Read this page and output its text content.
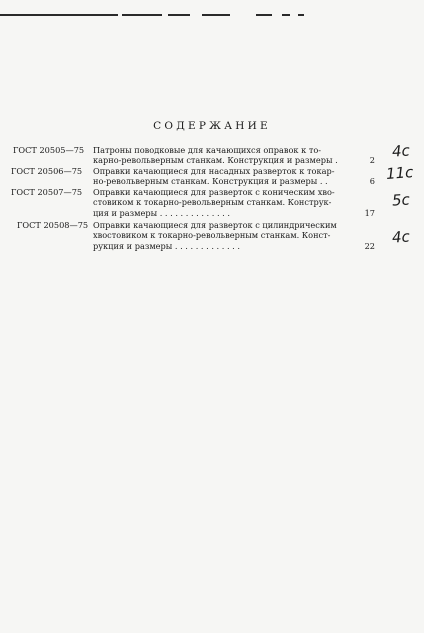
СОДЕРЖАНИЕ
ГОСТ 20505—75 Патроны поводковые для качающихся оправок к то-
карно-револьверным станкам. Конструкция и размеры .	2 4с
ГОСТ 20506—75 Оправки качающиеся для насадных разверток к токар-
но-револьверным станкам. Конструкция и размеры . .	6 11с
ГОСТ 20507—75 Оправки качающиеся для разверток с коническим хво-
стовиком к токарно-револьверным станкам. Конструк-
ция и размеры . . . . . . . . . . . . . .	17
5с
ГОСТ 20508—75 Оправки качающиеся для разверток с цилиндрическим
хвостовиком к токарно-револьверным станкам. Конст-
рукция и размеры . . . . . . . . . . . . .	22 4с
